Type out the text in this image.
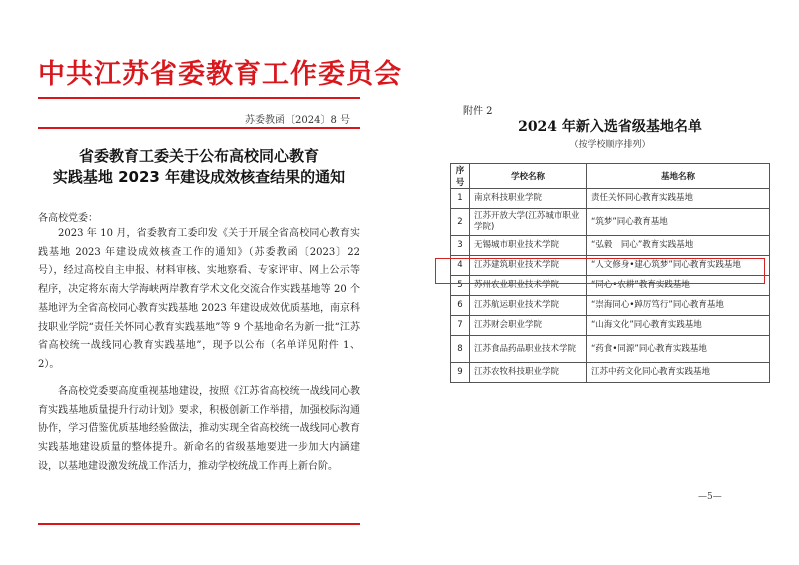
中共江苏省委教育工作委员会
苏委教函〔2024〕8 号
省委教育工委关于公布高校同心教育
实践基地 2023 年建设成效核查结果的通知
各高校党委：
2023 年 10 月，省委教育工委印发《关于开展全省高校同心教育实践基地 2023 年建设成效核查工作的通知》（苏委教函〔2023〕22 号），经过高校自主申报、材料审核、实地察看、专家评审、网上公示等程序，决定将东南大学海峡两岸教育学术文化交流合作实践基地等 20 个基地评为全省高校同心教育实践基地 2023 年建设成效优质基地，南京科技职业学院“责任关怀同心教育实践基地”等 9 个基地命名为新一批“江苏省高校统一战线同心教育实践基地”，现予以公布（名单详见附件 1、2）。
各高校党委要高度重视基地建设，按照《江苏省高校统一战线同心教育实践基地质量提升行动计划》要求，积极创新工作举措，加强校际沟通协作，学习借鉴优质基地经验做法，推动实现全省高校统一战线同心教育实践基地建设质量的整体提升。新命名的省级基地要进一步加大内涵建设，以基地建设激发统战工作活力，推动学校统战工作再上新台阶。
附件 2
2024 年新入选省级基地名单
（按学校顺序排列）
序号	学校名称	基地名称
1	南京科技职业学院	责任关怀同心教育实践基地
2	江苏开放大学(江苏城市职业学院)	“筑梦”同心教育基地
3	无锡城市职业技术学院	“弘毅　同心”教育实践基地
4	江苏建筑职业技术学院	“人文修身•建心筑梦”同心教育实践基地
5	苏州农业职业技术学院	“同心•农耕”教育实践基地
6	江苏航运职业技术学院	“崇海同心•踔厉笃行”同心教育基地
7	江苏财会职业学院	“山海文化”同心教育实践基地
8	江苏食品药品职业技术学院	“药食•同源”同心教育实践基地
9	江苏农牧科技职业学院	江苏中药文化同心教育实践基地
—5—
